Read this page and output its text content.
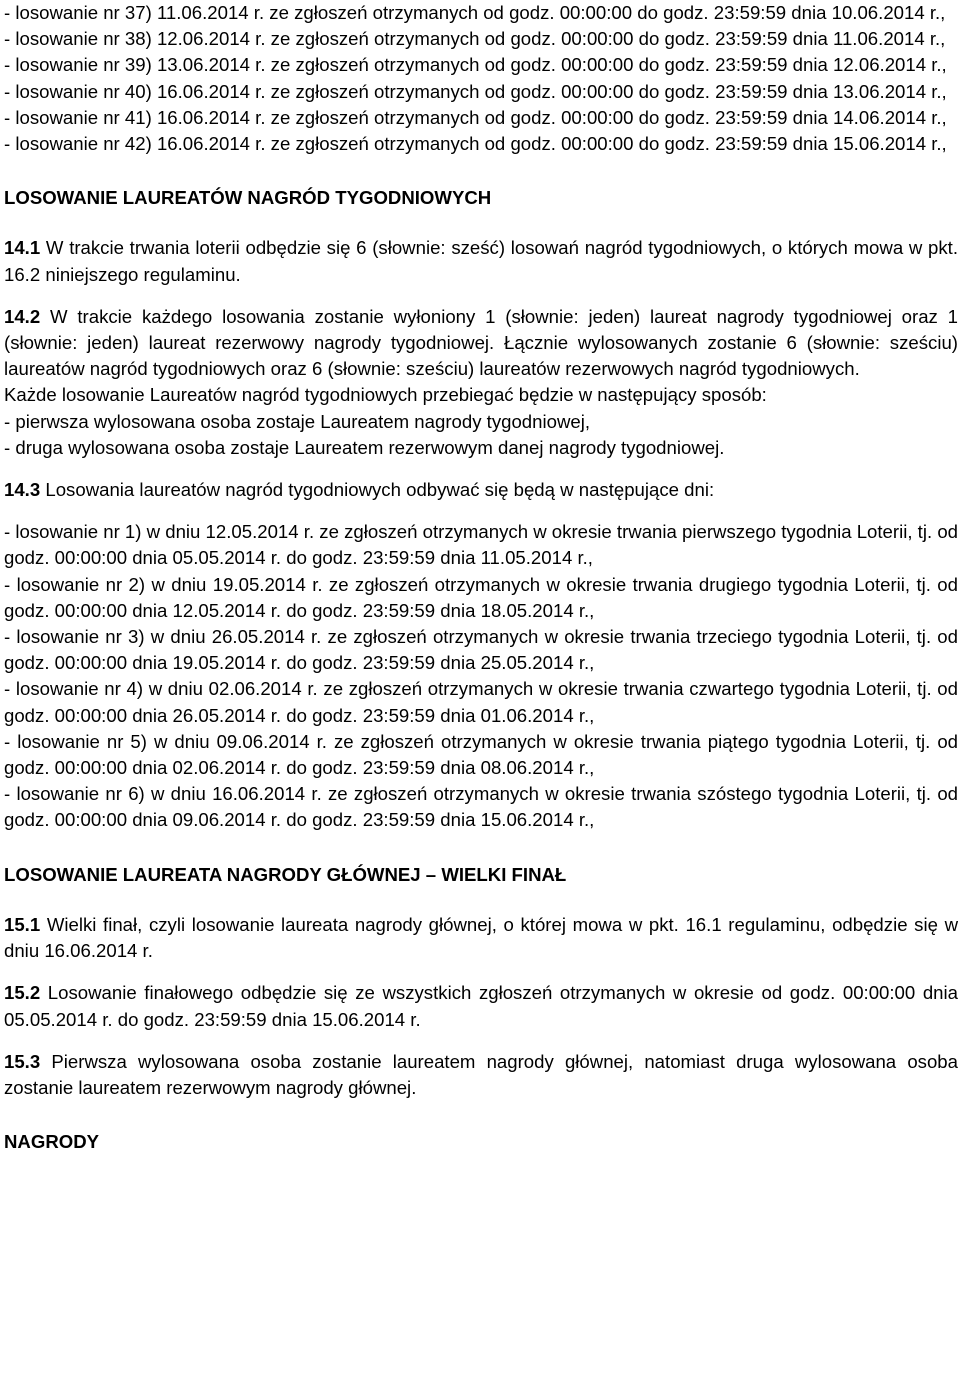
- losowanie nr 37) 11.06.2014 r. ze zgłoszeń otrzymanych od godz. 00:00:00 do godz. 23:59:59 dnia 10.06.2014 r.,

- losowanie nr 38) 12.06.2014 r. ze zgłoszeń otrzymanych od godz. 00:00:00 do godz. 23:59:59 dnia 11.06.2014 r.,

- losowanie nr 39) 13.06.2014 r. ze zgłoszeń otrzymanych od godz. 00:00:00 do godz. 23:59:59 dnia 12.06.2014 r.,

- losowanie nr 40) 16.06.2014 r. ze zgłoszeń otrzymanych od godz. 00:00:00 do godz. 23:59:59 dnia 13.06.2014 r.,

- losowanie nr 41) 16.06.2014 r. ze zgłoszeń otrzymanych od godz. 00:00:00 do godz. 23:59:59 dnia 14.06.2014 r.,

- losowanie nr 42) 16.06.2014 r. ze zgłoszeń otrzymanych od godz. 00:00:00 do godz. 23:59:59 dnia 15.06.2014 r.,

LOSOWANIE LAUREATÓW NAGRÓD TYGODNIOWYCH

14.1 W trakcie trwania loterii odbędzie się 6 (słownie: sześć) losowań nagród tygodniowych, o których mowa w pkt. 16.2 niniejszego regulaminu.

14.2 W trakcie każdego losowania zostanie wyłoniony 1 (słownie: jeden) laureat nagrody tygodniowej oraz 1 (słownie: jeden) laureat rezerwowy nagrody tygodniowej. Łącznie wylosowanych zostanie 6 (słownie: sześciu) laureatów nagród tygodniowych oraz 6 (słownie: sześciu) laureatów rezerwowych nagród tygodniowych.

Każde losowanie Laureatów nagród tygodniowych przebiegać będzie w następujący sposób:

- pierwsza wylosowana osoba zostaje Laureatem nagrody tygodniowej,

- druga wylosowana osoba zostaje Laureatem rezerwowym danej nagrody tygodniowej.

14.3 Losowania laureatów nagród tygodniowych odbywać się będą w następujące dni:

- losowanie nr 1) w dniu 12.05.2014 r. ze zgłoszeń otrzymanych w okresie trwania pierwszego tygodnia Loterii, tj. od godz. 00:00:00 dnia 05.05.2014 r. do godz. 23:59:59 dnia 11.05.2014 r.,

- losowanie nr 2) w dniu 19.05.2014 r. ze zgłoszeń otrzymanych w okresie trwania drugiego tygodnia Loterii, tj. od godz. 00:00:00 dnia 12.05.2014 r. do godz. 23:59:59 dnia 18.05.2014 r.,

- losowanie nr 3) w dniu 26.05.2014 r. ze zgłoszeń otrzymanych w okresie trwania trzeciego tygodnia Loterii, tj. od godz. 00:00:00 dnia 19.05.2014 r. do godz. 23:59:59 dnia 25.05.2014 r.,

- losowanie nr 4) w dniu 02.06.2014 r. ze zgłoszeń otrzymanych w okresie trwania czwartego tygodnia Loterii, tj. od godz. 00:00:00 dnia 26.05.2014 r. do godz. 23:59:59 dnia 01.06.2014 r.,

- losowanie nr 5) w dniu 09.06.2014 r. ze zgłoszeń otrzymanych w okresie trwania piątego tygodnia Loterii, tj. od godz. 00:00:00 dnia 02.06.2014 r. do godz. 23:59:59 dnia 08.06.2014 r.,

- losowanie nr 6) w dniu 16.06.2014 r. ze zgłoszeń otrzymanych w okresie trwania szóstego tygodnia Loterii, tj. od godz. 00:00:00 dnia 09.06.2014 r. do godz. 23:59:59 dnia 15.06.2014 r.,

LOSOWANIE LAUREATA NAGRODY GŁÓWNEJ – WIELKI FINAŁ

15.1 Wielki finał, czyli losowanie laureata nagrody głównej, o której mowa w pkt. 16.1 regulaminu, odbędzie się w dniu 16.06.2014 r.

15.2 Losowanie finałowego odbędzie się ze wszystkich zgłoszeń otrzymanych w okresie od godz. 00:00:00 dnia 05.05.2014 r. do godz. 23:59:59 dnia 15.06.2014 r.

15.3 Pierwsza wylosowana osoba zostanie laureatem nagrody głównej, natomiast druga wylosowana osoba zostanie laureatem rezerwowym nagrody głównej.

NAGRODY
